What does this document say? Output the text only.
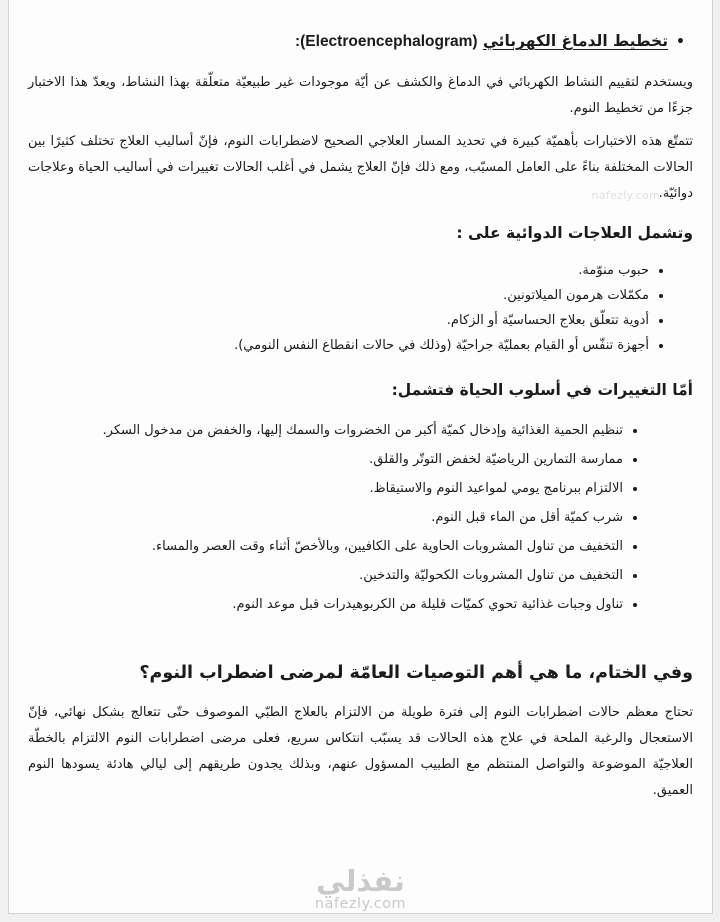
•تخطيط الدماغ الكهربائي (Electroencephalogram):

ويستخدم لتقييم النشاط الكهربائي في الدماغ والكشف عن أيّة موجودات غير طبيعيّة متعلّقة بهذا النشاط، ويعدّ هذا الاختبار جزءًا من تخطيط النوم.

تتمتّع هذه الاختبارات بأهميّة كبيرة في تحديد المسار العلاجي الصحيح لاضطرابات النوم، فإنّ أساليب العلاج تختلف كثيرًا بين الحالات المختلفة بناءً على العامل المسبّب، ومع ذلك فإنّ العلاج يشمل في أغلب الحالات تغييرات في أساليب الحياة وعلاجات دوائيّة.

وتشمل العلاجات الدوائية على :
• حبوب منوّمة.
• مكمّلات هرمون الميلاتونين.
• أدوية تتعلّق بعلاج الحساسيّة أو الزكام.
• أجهزة تنفّس أو القيام بعمليّة جراحيّة (وذلك في حالات انقطاع النفس النومي).
أمّا التغييرات في أسلوب الحياة فتشمل:
• تنظيم الحمية الغذائية وإدخال كميّة أكبر من الخضروات والسمك إليها، والخفض من مدخول السكر.
• ممارسة التمارين الرياضيّة لخفض التوتّر والقلق.
• الالتزام ببرنامج يومي لمواعيد النوم والاستيقاظ.
• شرب كميّة أقل من الماء قبل النوم.
• التخفيف من تناول المشروبات الحاوية على الكافيين، وبالأخصّ أثناء وقت العصر والمساء.
• التخفيف من تناول المشروبات الكحوليّة والتدخين.
• تناول وجبات غذائية تحوي كميّات قليلة من الكربوهيدرات قبل موعد النوم.
وفي الختام، ما هي أهم التوصيات العامّة لمرضى اضطراب النوم؟

تحتاج معظم حالات اضطرابات النوم إلى فترة طويلة من الالتزام بالعلاج الطبّي الموصوف حتّى تتعالج بشكل نهائي، فإنّ الاستعجال والرغبة الملحة في علاج هذه الحالات قد يسبّب انتكاس سريع، فعلى مرضى اضطرابات النوم الالتزام بالخطّة العلاجيّة الموضوعة والتواصل المنتظم مع الطبيب المسؤول عنهم، وبذلك يجدون طريقهم إلى ليالي هادئة يسودها النوم العميق.

nafezly.com
نفذلي
nafezly.com
